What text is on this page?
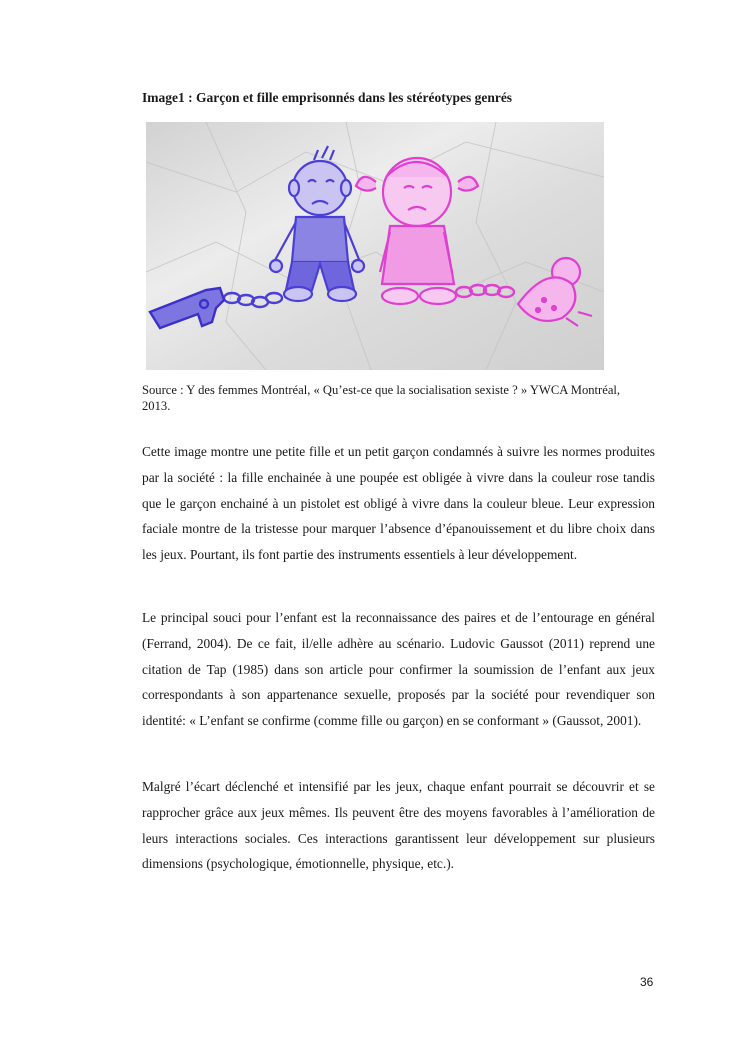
Image1 : Garçon et fille emprisonnés dans les stéréotypes genrés
Source : Y des femmes Montréal, « Qu’est-ce que la socialisation sexiste ? » YWCA Montréal, 2013.

Cette image montre une petite fille et un petit garçon condamnés à suivre les normes produites par la société : la fille enchainée à une poupée est obligée à vivre dans la couleur rose tandis que le garçon enchainé à un pistolet est obligé à vivre dans la couleur bleue. Leur expression faciale montre de la tristesse pour marquer l’absence d’épanouissement et du libre choix dans les jeux. Pourtant, ils font partie des instruments essentiels à leur développement.

Le principal souci pour l’enfant est la reconnaissance des paires et de l’entourage en général (Ferrand, 2004). De ce fait, il/elle adhère au scénario. Ludovic Gaussot (2011) reprend une citation de Tap (1985) dans son article pour confirmer la soumission de l’enfant aux jeux correspondants à son appartenance sexuelle, proposés par la société pour revendiquer son identité: « L’enfant se confirme (comme fille ou garçon) en se conformant » (Gaussot, 2001).

Malgré l’écart déclenché et intensifié par les jeux, chaque enfant pourrait se découvrir et se rapprocher grâce aux jeux mêmes. Ils peuvent être des moyens favorables à l’amélioration de leurs interactions sociales. Ces interactions garantissent leur développement sur plusieurs dimensions (psychologique, émotionnelle, physique, etc.).

36
